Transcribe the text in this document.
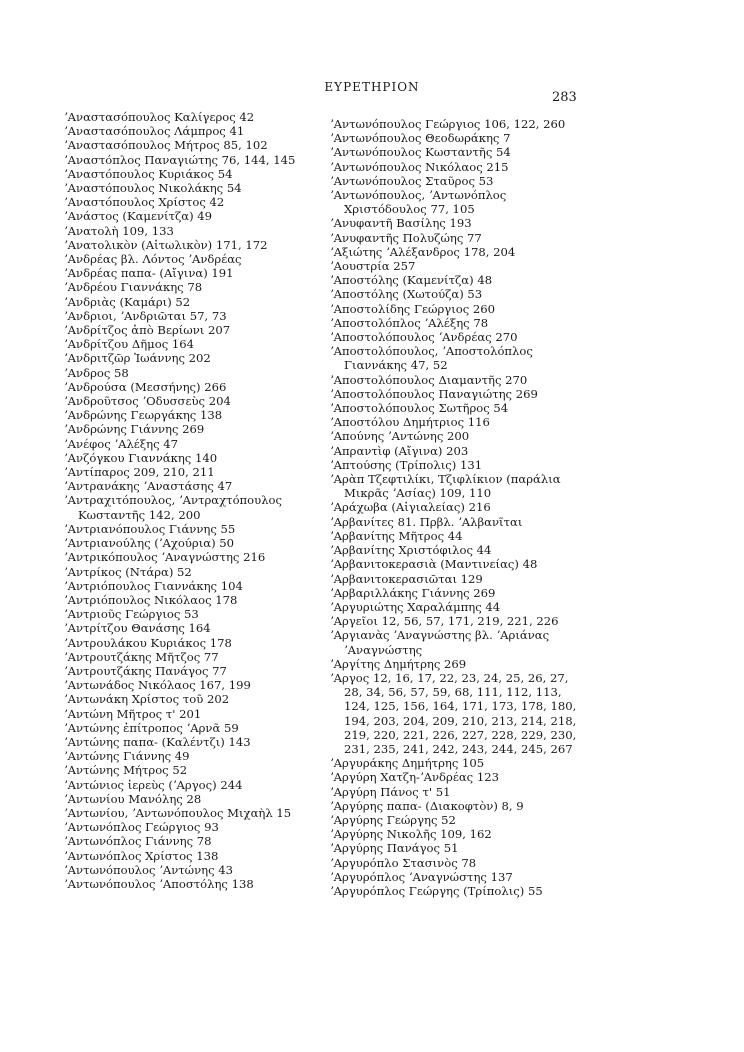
ΕΥΡΕΤΗΡΙΟΝ
283
ʼΑναστασόπουλος Καλίγερος 42
ʼΑναστασόπουλος Λάμπρος 41
ʼΑναστασόπουλος Μήτρος 85, 102
ʼΑναστόπλος Παναγιώτης 76, 144, 145
ʼΑναστόπουλος Κυριάκος 54
ʼΑναστόπουλος Νικολάκης 54
ʼΑναστόπουλος Χρίστος 42
ʼΑνάστος (Καμενίτζα) 49
ʼΑνατολὴ 109, 133
ʼΑνατολικὸν (Αἰτωλικὸν) 171, 172
ʼΑνδρέας βλ. Λόντος ʼΑνδρέας
ʼΑνδρέας παπα- (Αἴγινα) 191
ʼΑνδρέου Γιαννάκης 78
ʼΑνδριὰς (Καμάρι) 52
ʼΑνδριοι, ʼΑνδριῶται 57, 73
ʼΑνδρίτζος ἀπὸ Βερίωνι 207
ʼΑνδρίτζου Δῆμος 164
ʼΑνδριτζῶρ Ἰωάννης 202
ʼΑνδρος 58
ʼΑνδρούσα (Μεσσήνης) 266
ʼΑνδροῦτσος ʼΟδυσσεὺς 204
ʼΑνδρώνης Γεωργάκης 138
ʼΑνδρώνης Γιάννης 269
ʼΑνέφος ʼΑλέξης 47
ʼΑνζόγκου Γιαννάκης 140
ʼΑντίπαρος 209, 210, 211
ʼΑντρανάκης ʼΑναστάσης 47
ʼΑντραχιτόπουλος, ʼΑντραχτόπουλος Κωσταντῆς 142, 200
ʼΑντριανόπουλος Γιάννης 55
ʼΑντριανούλης (ʼΑχούρια) 50
ʼΑντρικόπουλος ʼΑναγνώστης 216
ʼΑντρίκος (Ντάρα) 52
ʼΑντριόπουλος Γιαννάκης 104
ʼΑντριόπουλος Νικόλαος 178
ʼΑντριοῦς Γεώργιος 53
ʼΑντρίτζου Θανάσης 164
ʼΑντρουλάκου Κυριάκος 178
ʼΑντρουτζάκης Μῆτζος 77
ʼΑντρουτζάκης Πανάγος 77
ʼΑντωνάδος Νικόλαος 167, 199
ʼΑντωνάκη Χρίστος τοῦ 202
ʼΑντώνη Μῆτρος τ' 201
ʼΑντώνης ἐπίτροπος ʼΑρνᾶ 59
ʼΑντώνης παπα- (Καλέντζι) 143
ʼΑντώνης Γιάννης 49
ʼΑντώνης Μήτρος 52
ʼΑντώνιος ἱερεὺς (ʼΑργος) 244
ʼΑντωνίου Μανόλης 28
ʼΑντωνίου, ʼΑντωνόπουλος Μιχαὴλ 15
ʼΑντωνόπλος Γεώργιος 93
ʼΑντωνόπλος Γιάννης 78
ʼΑντωνόπλος Χρίστος 138
ʼΑντωνόπουλος ʼΑντώνης 43
ʼΑντωνόπουλος ʼΑποστόλης 138
ʼΑντωνόπουλος Γεώργιος 106, 122, 260
ʼΑντωνόπουλος Θεοδωράκης 7
ʼΑντωνόπουλος Κωσταντῆς 54
ʼΑντωνόπουλος Νικόλαος 215
ʼΑντωνόπουλος Σταῦρος 53
ʼΑντωνόπουλος, ʼΑντωνόπλος Χριστόδουλος 77, 105
ʼΑνυφαντῆ Βασίλης 193
ʼΑνυφαντῆς Πολυζώης 77
ʼΑξιώτης ʼΑλέξανδρος 178, 204
ʼΑουστρία 257
ʼΑποστόλης (Καμενίτζα) 48
ʼΑποστόλης (Χωτούζα) 53
ʼΑποστολίδης Γεώργιος 260
ʼΑποστολόπλος ʼΑλέξης 78
ʼΑποστολόπουλος ʼΑνδρέας 270
ʼΑποστολόπουλος, ʼΑποστολόπλος Γιαννάκης 47, 52
ʼΑποστολόπουλος Διαμαντῆς 270
ʼΑποστολόπουλος Παναγιώτης 269
ʼΑποστολόπουλος Σωτῆρος 54
ʼΑποστόλου Δημήτριος 116
ʼΑπούνης ʼΑντώνης 200
ʼΑπραντὶφ (Αἴγινα) 203
ʼΑπτούσης (Τρίπολις) 131
ʼΑρὰπ Τζεφτιλίκι, Τζιφλίκιον (παράλια Μικρᾶς ʼΑσίας) 109, 110
ʼΑράχωβα (Αἰγιαλείας) 216
ʼΑρβανίτες 81. Πρβλ. ʼΑλβανῖται
ʼΑρβανίτης Μῆτρος 44
ʼΑρβανίτης Χριστόφιλος 44
ʼΑρβανιτοκερασιὰ (Μαντινείας) 48
ʼΑρβανιτοκερασιῶται 129
ʼΑρβαριλλάκης Γιάννης 269
ʼΑργυριώτης Χαραλάμπης 44
ʼΑργεῖοι 12, 56, 57, 171, 219, 221, 226
ʼΑργιανὰς ʼΑναγνώστης βλ. ʼΑριάνας ʼΑναγνώστης
ʼΑργίτης Δημήτρης 269
ʼΑργος 12, 16, 17, 22, 23, 24, 25, 26, 27, 28, 34, 56, 57, 59, 68, 111, 112, 113, 124, 125, 156, 164, 171, 173, 178, 180, 194, 203, 204, 209, 210, 213, 214, 218, 219, 220, 221, 226, 227, 228, 229, 230, 231, 235, 241, 242, 243, 244, 245, 267
ʼΑργυράκης Δημήτρης 105
ʼΑργύρη Χατζη-ʼΑνδρέας 123
ʼΑργύρη Πάνος τ' 51
ʼΑργύρης παπα- (Διακοφτὸν) 8, 9
ʼΑργύρης Γεώργης 52
ʼΑργύρης Νικολῆς 109, 162
ʼΑργύρης Πανάγος 51
ʼΑργυρόπλο Στασινὸς 78
ʼΑργυρόπλος ʼΑναγνώστης 137
ʼΑργυρόπλος Γεώργης (Τρίπολις) 55
